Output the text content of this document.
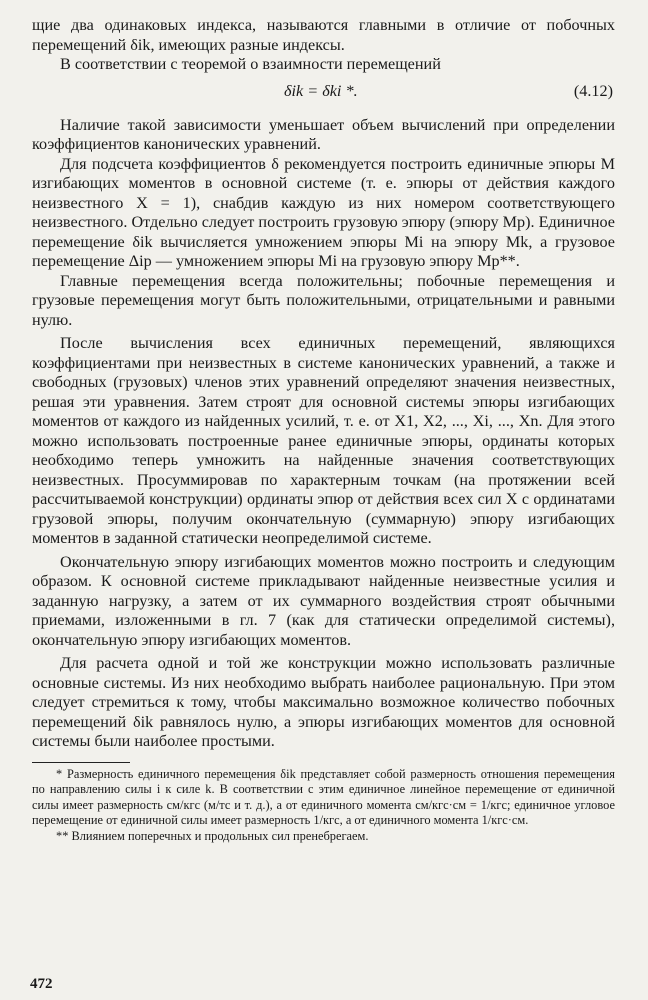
щие два одинаковых индекса, называются главными в отличие от побочных перемещений δik, имеющих разные индексы.

В соответствии с теоремой о взаимности перемещений

δik = δki *.	(4.12)

Наличие такой зависимости уменьшает объем вычислений при определении коэффициентов канонических уравнений.

Для подсчета коэффициентов δ рекомендуется построить единичные эпюры M изгибающих моментов в основной системе (т. е. эпюры от действия каждого неизвестного X = 1), снабдив каждую из них номером соответствующего неизвестного. Отдельно следует построить грузовую эпюру (эпюру Mp). Единичное перемещение δik вычисляется умножением эпюры Mi на эпюру Mk, а грузовое перемещение Δip — умножением эпюры Mi на грузовую эпюру Mp**.

Главные перемещения всегда положительны; побочные перемещения и грузовые перемещения могут быть положительными, отрицательными и равными нулю.

После вычисления всех единичных перемещений, являющихся коэффициентами при неизвестных в системе канонических уравнений, а также и свободных (грузовых) членов этих уравнений определяют значения неизвестных, решая эти уравнения. Затем строят для основной системы эпюры изгибающих моментов от каждого из найденных усилий, т. е. от X1, X2, ..., Xi, ..., Xn. Для этого можно использовать построенные ранее единичные эпюры, ординаты которых необходимо теперь умножить на найденные значения соответствующих неизвестных. Просуммировав по характерным точкам (на протяжении всей рассчитываемой конструкции) ординаты эпюр от действия всех сил X с ординатами грузовой эпюры, получим окончательную (суммарную) эпюру изгибающих моментов в заданной статически неопределимой системе.

Окончательную эпюру изгибающих моментов можно построить и следующим образом. К основной системе прикладывают найденные неизвестные усилия и заданную нагрузку, а затем от их суммарного воздействия строят обычными приемами, изложенными в гл. 7 (как для статически определимой системы), окончательную эпюру изгибающих моментов.

Для расчета одной и той же конструкции можно использовать различные основные системы. Из них необходимо выбрать наиболее рациональную. При этом следует стремиться к тому, чтобы максимально возможное количество побочных перемещений δik равнялось нулю, а эпюры изгибающих моментов для основной системы были наиболее простыми.

* Размерность единичного перемещения δik представляет собой размерность отношения перемещения по направлению силы i к силе k. В соответствии с этим единичное линейное перемещение от единичной силы имеет размерность см/кгс (м/тс и т. д.), а от единичного момента см/кгс·см = 1/кгс; единичное угловое перемещение от единичной силы имеет размерность 1/кгс, а от единичного момента 1/кгс·см.

** Влиянием поперечных и продольных сил пренебрегаем.

472
